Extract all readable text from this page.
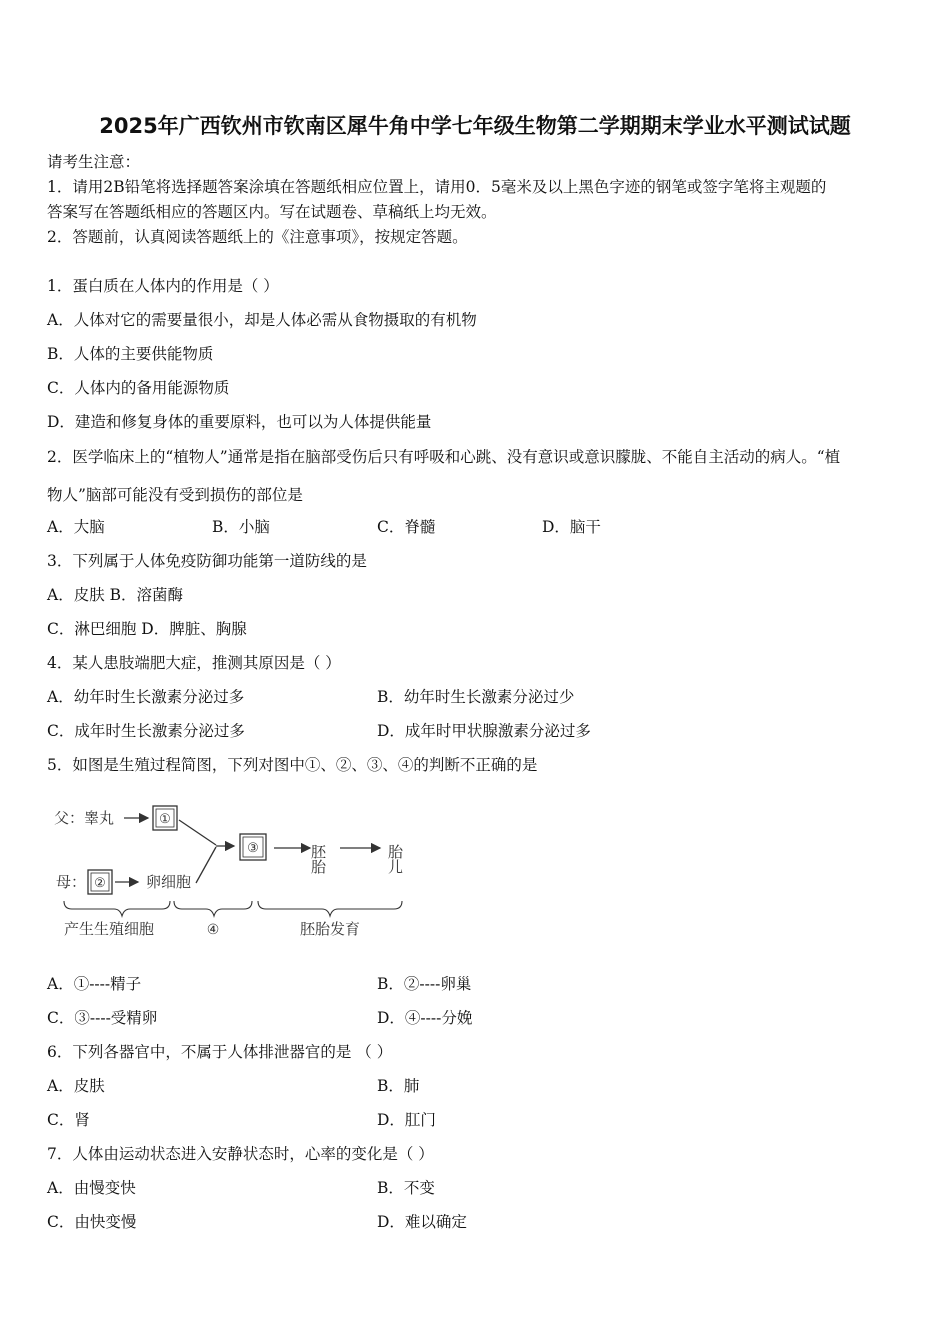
2025年广西钦州市钦南区犀牛角中学七年级生物第二学期期末学业水平测试试题
请考生注意：
1．请用2B铅笔将选择题答案涂填在答题纸相应位置上，请用0．5毫米及以上黑色字迹的钢笔或签字笔将主观题的
答案写在答题纸相应的答题区内。写在试题卷、草稿纸上均无效。
2．答题前，认真阅读答题纸上的《注意事项》，按规定答题。
1．蛋白质在人体内的作用是（ ）
A．人体对它的需要量很小，却是人体必需从食物摄取的有机物
B．人体的主要供能物质
C．人体内的备用能源物质
D．建造和修复身体的重要原料，也可以为人体提供能量
2．医学临床上的“植物人”通常是指在脑部受伤后只有呼吸和心跳、没有意识或意识朦胧、不能自主活动的病人。“植
物人”脑部可能没有受到损伤的部位是
A．大脑	B．小脑	C．脊髓	D．脑干
3．下列属于人体免疫防御功能第一道防线的是
A．皮肤 B．溶菌酶
C．淋巴细胞 D．脾脏、胸腺
4．某人患肢端肥大症，推测其原因是（ ）
A．幼年时生长激素分泌过多	B．幼年时生长激素分泌过少
C．成年时生长激素分泌过多	D．成年时甲状腺激素分泌过多
5．如图是生殖过程简图，下列对图中①、②、③、④的判断不正确的是
父：睾丸	①
母： ②	卵细胞
③	胚胎	胎儿
产生生殖细胞	④	胚胎发育
A．①----精子	B．②----卵巢
C．③----受精卵	D．④----分娩
6．下列各器官中，不属于人体排泄器官的是 （ ）
A．皮肤	B．肺
C．肾	D．肛门
7．人体由运动状态进入安静状态时，心率的变化是（ ）
A．由慢变快	B．不变
C．由快变慢	D．难以确定
